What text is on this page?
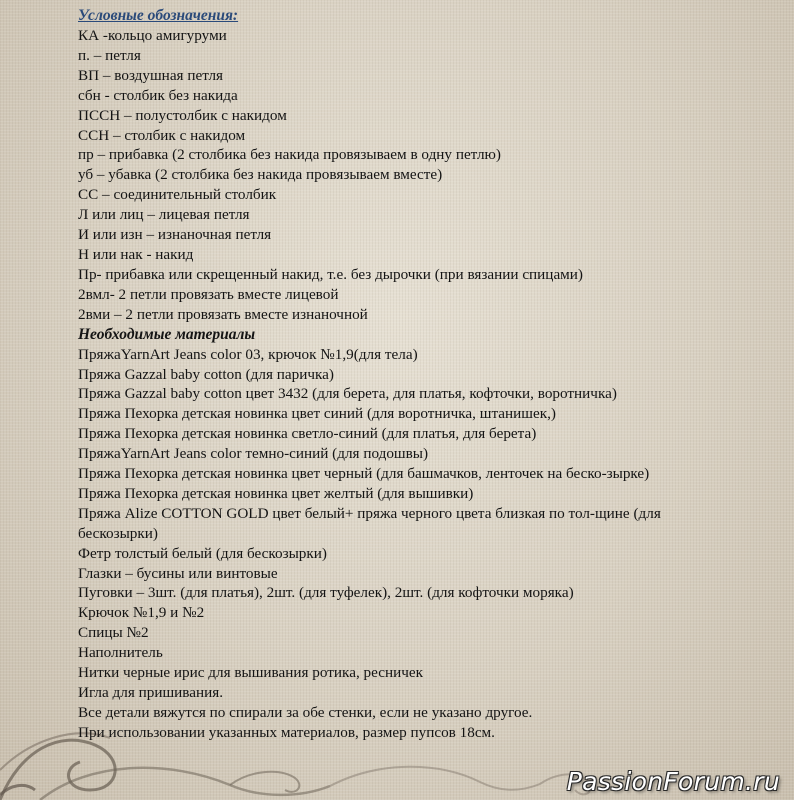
Условные обозначения:
КА -кольцо амигуруми
п. – петля
ВП – воздушная петля
сбн - столбик без накида
ПССН – полустолбик с накидом
ССН – столбик с накидом
пр – прибавка (2 столбика без накида провязываем в одну петлю)
уб – убавка (2 столбика без накида провязываем вместе)
СС – соединительный столбик
Л или лиц – лицевая петля
И или изн – изнаночная петля
Н или нак - накид
Пр- прибавка или скрещенный накид, т.е. без дырочки (при вязании спицами)
2вмл- 2 петли провязать вместе лицевой
2вми – 2 петли провязать вместе изнаночной
Необходимые материалы
ПряжаYarnArt Jeans color 03, крючок №1,9(для тела)
Пряжа Gazzal baby cotton (для паричка)
Пряжа Gazzal baby cotton цвет 3432 (для берета, для платья, кофточки, воротничка)
Пряжа Пехорка детская новинка цвет синий (для воротничка, штанишек,)
Пряжа Пехорка детская новинка светло-синий (для платья, для берета)
ПряжаYarnArt Jeans color темно-синий (для подошвы)
Пряжа Пехорка детская новинка цвет черный (для башмачков, ленточек на беско-зырке)
Пряжа Пехорка детская новинка цвет желтый (для вышивки)
Пряжа Alize COTTON GOLD цвет белый+ пряжа черного цвета близкая по тол-щине (для бескозырки)
Фетр толстый белый (для бескозырки)
Глазки – бусины или винтовые
Пуговки – 3шт. (для платья), 2шт. (для туфелек), 2шт. (для кофточки моряка)
Крючок №1,9 и №2
Спицы №2
Наполнитель
Нитки черные ирис для вышивания ротика, ресничек
Игла для пришивания.
Все детали вяжутся по спирали за обе стенки, если не указано другое.
При использовании указанных материалов, размер пупсов 18см.
PassionForum.ru
